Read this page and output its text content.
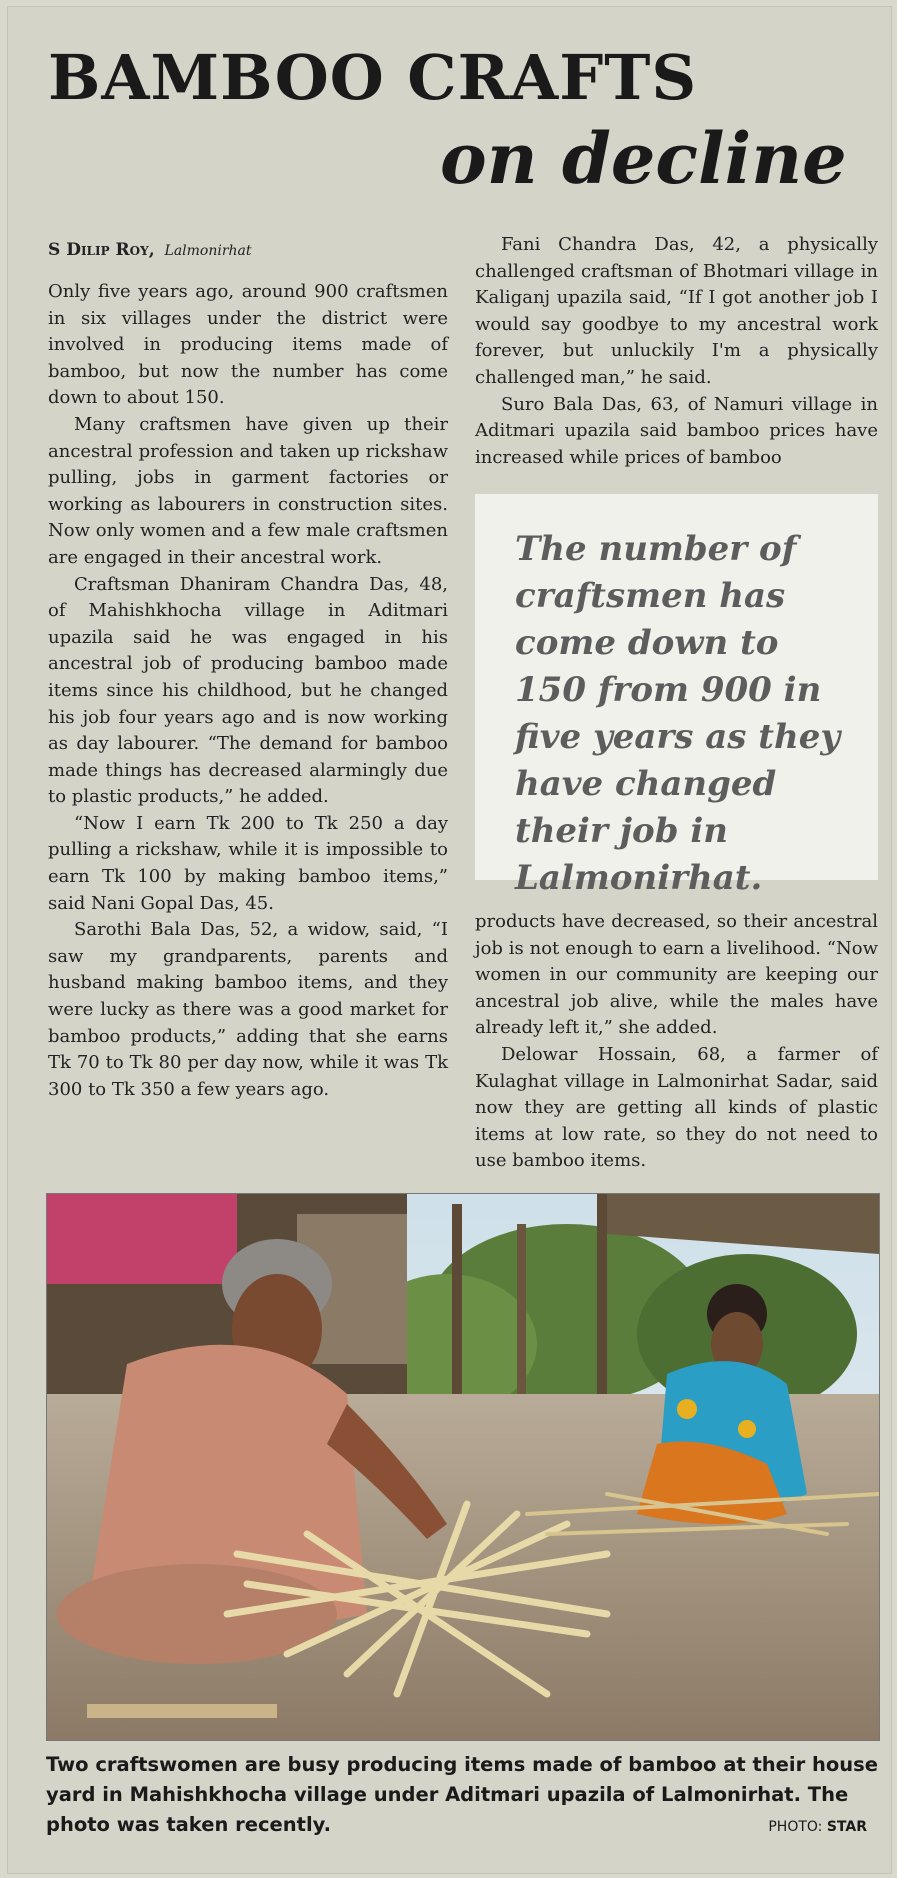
BAMBOO CRAFTS
on decline
S Dilip Roy, Lalmonirhat

Only five years ago, around 900 craftsmen in six villages under the district were involved in producing items made of bamboo, but now the number has come down to about 150.

Many craftsmen have given up their ancestral profession and taken up rickshaw pulling, jobs in garment factories or working as labourers in construction sites. Now only women and a few male craftsmen are engaged in their ancestral work.

Craftsman Dhaniram Chandra Das, 48, of Mahishkhocha village in Aditmari upazila said he was engaged in his ancestral job of producing bamboo made items since his childhood, but he changed his job four years ago and is now working as day labourer. “The demand for bamboo made things has decreased alarmingly due to plastic products,” he added.

“Now I earn Tk 200 to Tk 250 a day pulling a rickshaw, while it is impossible to earn Tk 100 by making bamboo items,” said Nani Gopal Das, 45.

Sarothi Bala Das, 52, a widow, said, “I saw my grandparents, parents and husband making bamboo items, and they were lucky as there was a good market for bamboo products,” adding that she earns Tk 70 to Tk 80 per day now, while it was Tk 300 to Tk 350 a few years ago.

Fani Chandra Das, 42, a physically challenged craftsman of Bhotmari village in Kaliganj upazila said, “If I got another job I would say goodbye to my ancestral work forever, but unluckily I'm a physically challenged man,” he said.

Suro Bala Das, 63, of Namuri village in Aditmari upazila said bamboo prices have increased while prices of bamboo

The number of craftsmen has come down to 150 from 900 in five years as they have changed their job in Lalmonirhat.

products have decreased, so their ancestral job is not enough to earn a livelihood. “Now women in our community are keeping our ancestral job alive, while the males have already left it,” she added.

Delowar Hossain, 68, a farmer of Kulaghat village in Lalmonirhat Sadar, said now they are getting all kinds of plastic items at low rate, so they do not need to use bamboo items.

Two craftswomen are busy producing items made of bamboo at their house yard in Mahishkhocha village under Aditmari upazila of Lalmonirhat. The photo was taken recently.	PHOTO: STAR
